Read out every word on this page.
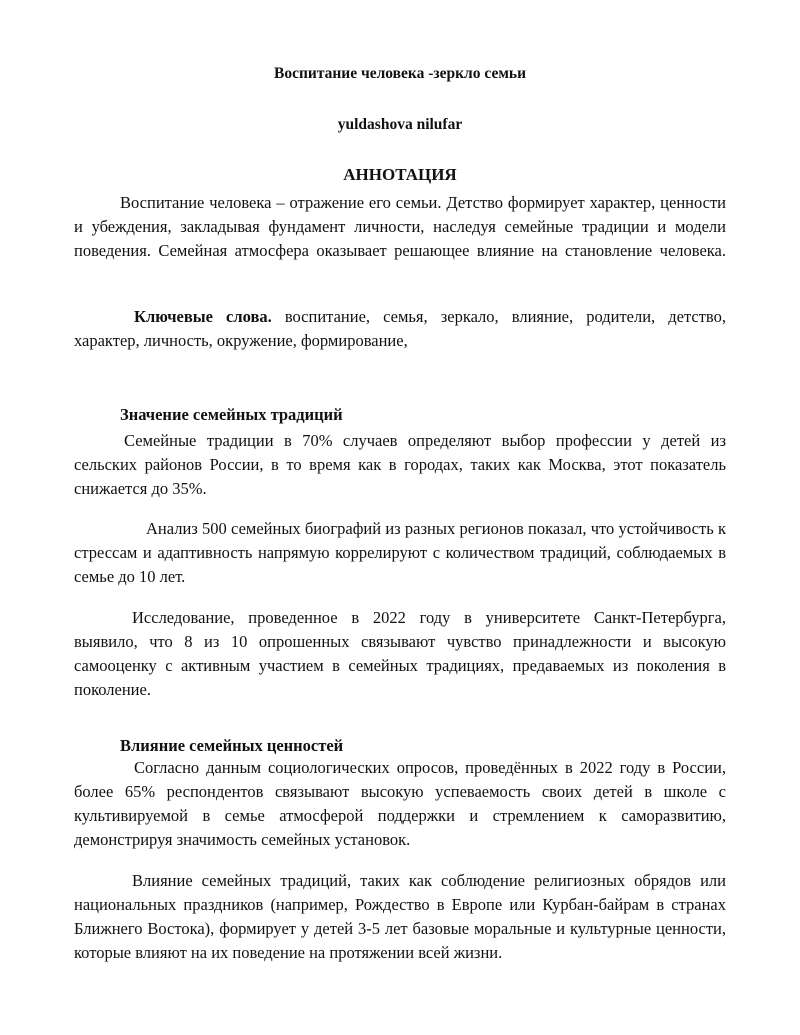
Воспитание человека -зеркло семьи
yuldashova nilufar
АННОТАЦИЯ

Воспитание человека – отражение его семьи. Детство формирует характер, ценности и убеждения, закладывая фундамент личности, наследуя семейные традиции и модели поведения. Семейная атмосфера оказывает решающее влияние на становление человека.

Ключевые слова. воспитание, семья, зеркало, влияние, родители, детство, характер, личность, окружение, формирование,

Значение семейных традиций

Семейные традиции в 70% случаев определяют выбор профессии у детей из сельских районов России, в то время как в городах, таких как Москва, этот показатель снижается до 35%.

Анализ 500 семейных биографий из разных регионов показал, что устойчивость к стрессам и адаптивность напрямую коррелируют с количеством традиций, соблюдаемых в семье до 10 лет.

Исследование, проведенное в 2022 году в университете Санкт-Петербурга, выявило, что 8 из 10 опрошенных связывают чувство принадлежности и высокую самооценку с активным участием в семейных традициях, предаваемых из поколения в поколение.

Влияние семейных ценностей

Согласно данным социологических опросов, проведённых в 2022 году в России, более 65% респондентов связывают высокую успеваемость своих детей в школе с культивируемой в семье атмосферой поддержки и стремлением к саморазвитию, демонстрируя значимость семейных установок.

Влияние семейных традиций, таких как соблюдение религиозных обрядов или национальных праздников (например, Рождество в Европе или Курбан-байрам в странах Ближнего Востока), формирует у детей 3-5 лет базовые моральные и культурные ценности, которые влияют на их поведение на протяжении всей жизни.
